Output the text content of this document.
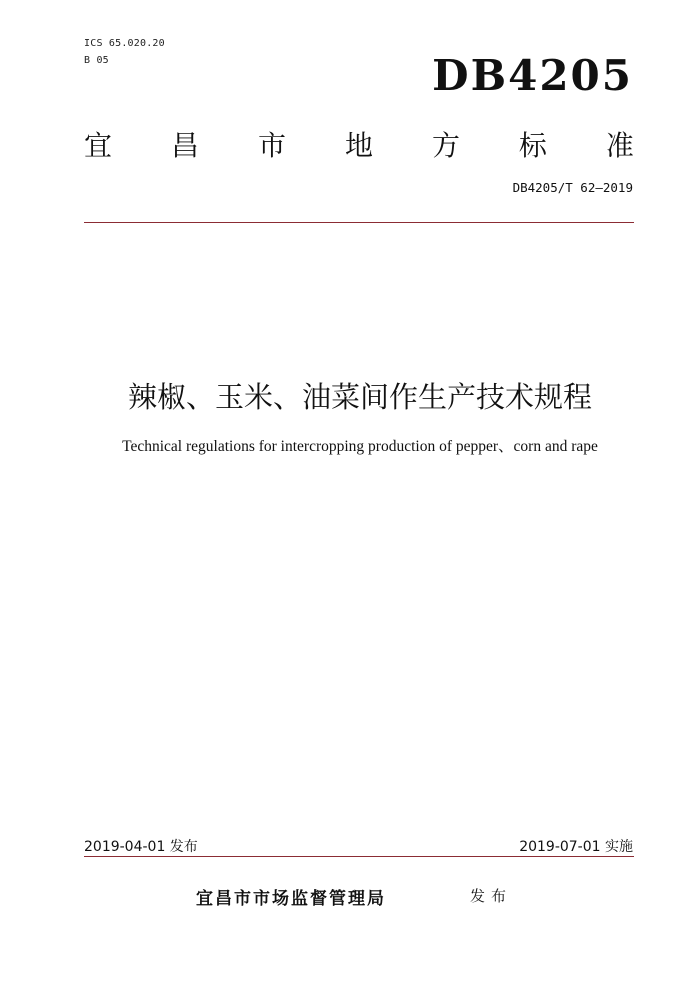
ICS 65.020.20
B 05	DB4205
宜 昌 市 地 方 标 准
DB4205/T 62—2019
辣椒、玉米、油菜间作生产技术规程
Technical regulations for intercropping production of pepper、corn and rape
2019-04-01 发布	2019-07-01 实施
宜昌市市场监督管理局	发布
